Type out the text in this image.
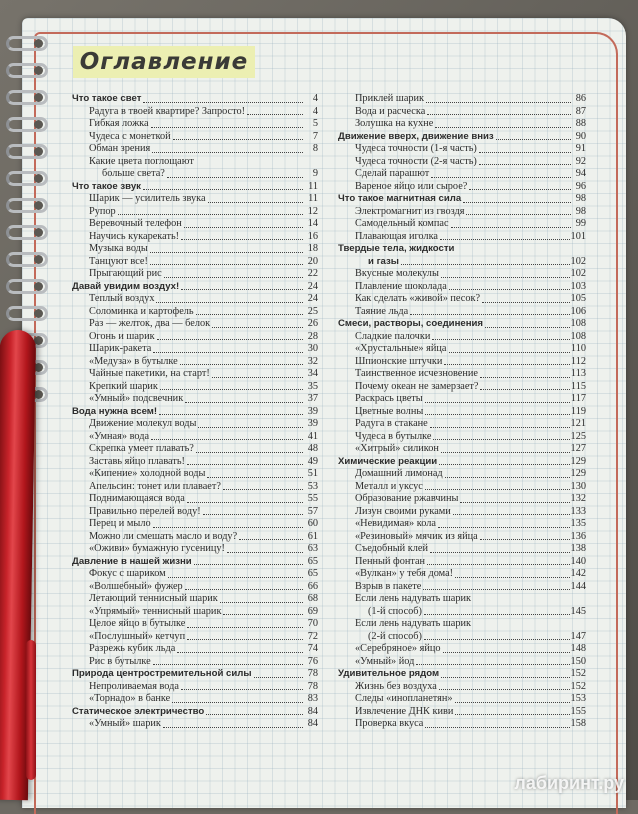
Оглавление
Что такое свет	4
Радуга в твоей квартире? Запросто!	4
Гибкая ложка	5
Чудеса с монеткой	7
Обман зрения	8
Какие цвета поглощают
больше света?	9
Что такое звук	11
Шарик — усилитель звука	11
Рупор	12
Веревочный телефон	14
Научись кукарекать!	16
Музыка воды	18
Танцуют все!	20
Прыгающий рис	22
Давай увидим воздух!	24
Теплый воздух	24
Соломинка и картофель	25
Раз — желток, два — белок	26
Огонь и шарик	28
Шарик-ракета	30
«Медуза» в бутылке	32
Чайные пакетики, на старт!	34
Крепкий шарик	35
«Умный» подсвечник	37
Вода нужна всем!	39
Движение молекул воды	39
«Умная» вода	41
Скрепка умеет плавать?	48
Заставь яйцо плавать!	49
«Кипение» холодной воды	51
Апельсин: тонет или плавает?	53
Поднимающаяся вода	55
Правильно перелей воду!	57
Перец и мыло	60
Можно ли смешать масло и воду?	61
«Оживи» бумажную гусеницу!	63
Давление в нашей жизни	65
Фокус с шариком	65
«Волшебный» фужер	66
Летающий теннисный шарик	68
«Упрямый» теннисный шарик	69
Целое яйцо в бутылке	70
«Послушный» кетчуп	72
Разрежь кубик льда	74
Рис в бутылке	76
Природа центростремительной силы	78
Непроливаемая вода	78
«Торнадо» в банке	83
Статическое электричество	84
«Умный» шарик	84
Приклей шарик	86
Вода и расческа	87
Золушка на кухне	88
Движение вверх, движение вниз	90
Чудеса точности (1-я часть)	91
Чудеса точности (2-я часть)	92
Сделай парашют	94
Вареное яйцо или сырое?	96
Что такое магнитная сила	98
Электромагнит из гвоздя	98
Самодельный компас	99
Плавающая иголка	101
Твердые тела, жидкости
и газы	102
Вкусные молекулы	102
Плавление шоколада	103
Как сделать «живой» песок?	105
Таяние льда	106
Смеси, растворы, соединения	108
Сладкие палочки	108
«Хрустальные» яйца	110
Шпионские штучки	112
Таинственное исчезновение	113
Почему океан не замерзает?	115
Раскрась цветы	117
Цветные волны	119
Радуга в стакане	121
Чудеса в бутылке	125
«Хитрый» силикон	127
Химические реакции	129
Домашний лимонад	129
Металл и уксус	130
Образование ржавчины	132
Лизун своими руками	133
«Невидимая» кола	135
«Резиновый» мячик из яйца	136
Съедобный клей	138
Пенный фонтан	140
«Вулкан» у тебя дома!	142
Взрыв в пакете	144
Если лень надувать шарик
(1-й способ)	145
Если лень надувать шарик
(2-й способ)	147
«Серебряное» яйцо	148
«Умный» йод	150
Удивительное рядом	152
Жизнь без воздуха	152
Следы «инопланетян»	153
Извлечение ДНК киви	155
Проверка вкуса	158
лабиринт.ру
